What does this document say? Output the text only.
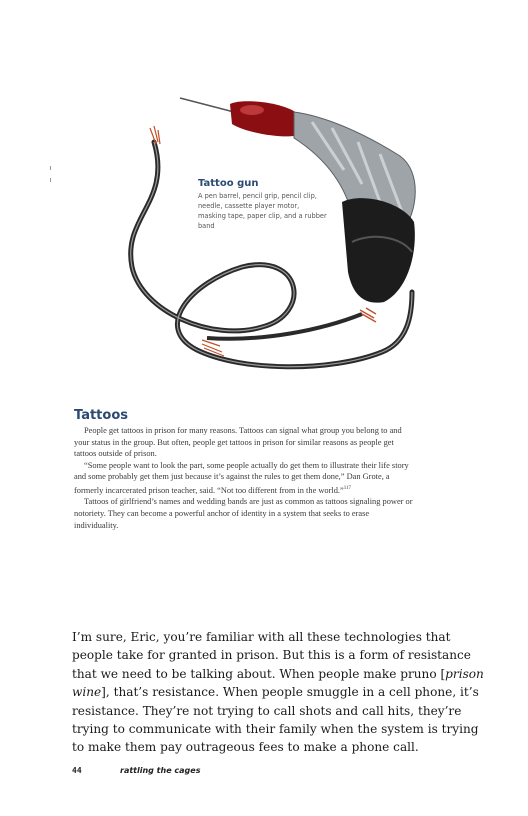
Tattoo gun

A pen barrel, pencil grip, pencil clip, needle, cassette player motor, masking tape, paper clip, and a rubber band

Tattoos

People get tattoos in prison for many reasons. Tattoos can signal what group you belong to and your status in the group. But often, people get tattoos in prison for similar reasons as people get tattoos outside of prison.

“Some people want to look the part, some people actually do get them to illustrate their life story and some probably get them just because it’s against the rules to get them done,” Dan Grote, a formerly incarcerated prison teacher, said. “Not too different from in the world.”$^{117}$

Tattoos of girlfriend’s names and wedding bands are just as common as tattoos signaling power or notoriety. They can become a powerful anchor of identity in a system that seeks to erase individuality.

I’m sure, Eric, you’re familiar with all these technologies that people take for granted in prison. But this is a form of resistance that we need to be talking about. When people make pruno [prison wine], that’s resistance. When people smuggle in a cell phone, it’s resistance. They’re not trying to call shots and call hits, they’re trying to communicate with their family when the system is trying to make them pay outrageous fees to make a phone call.

44	rattling the cages
